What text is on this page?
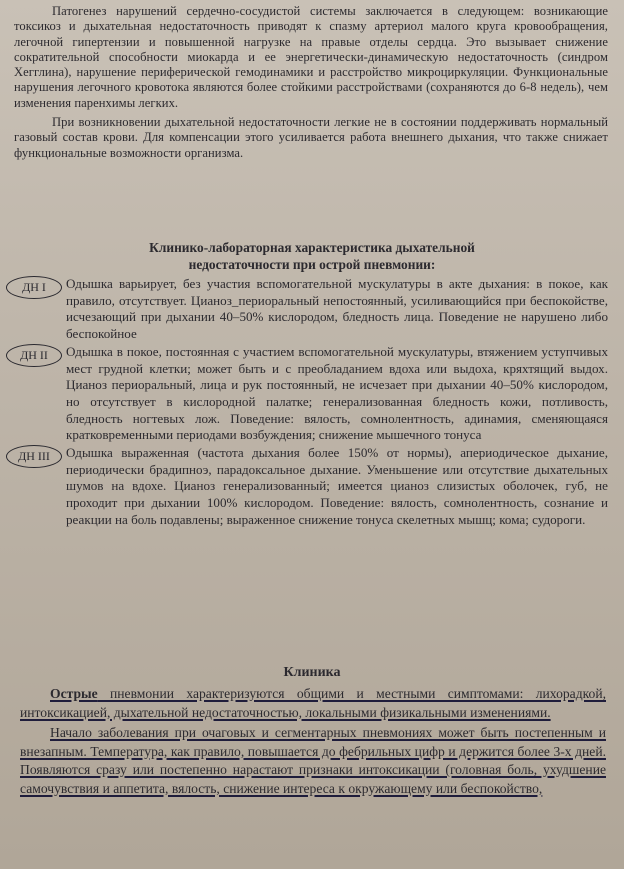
Патогенез нарушений сердечно-сосудистой системы заключается в следующем: возникающие токсикоз и дыхательная недостаточность приводят к спазму артериол малого круга кровообращения, легочной гипертензии и повышенной нагрузке на правые отделы сердца. Это вызывает снижение сократительной способности миокарда и ее энергетически-динамическую недостаточность (синдром Хегглина), нарушение периферической гемодинамики и расстройство микроциркуляции. Функциональные нарушения легочного кровотока являются более стойкими расстройствами (сохраняются до 6-8 недель), чем изменения паренхимы легких.

При возникновении дыхательной недостаточности легкие не в состоянии поддерживать нормальный газовый состав крови. Для компенсации этого усиливается работа внешнего дыхания, что также снижает функциональные возможности организма.

Клинико-лабораторная характеристика дыхательной

недостаточности при острой пневмонии:

ДН I	Одышка варьирует, без участия вспомогательной мускулатуры в акте дыхания: в покое, как правило, отсутствует. Цианоз_периоральный непостоянный, усиливающийся при беспокойстве, исчезающий при дыхании 40–50% кислородом, бледность лица. Поведение не нарушено либо беспокойное

ДН II	Одышка в покое, постоянная с участием вспомогательной мускулатуры, втяжением уступчивых мест грудной клетки; может быть и с преобладанием вдоха или выдоха, кряхтящий выдох. Цианоз периоральный, лица и рук постоянный, не исчезает при дыхании 40–50% кислородом, но отсутствует в кислородной палатке; генерализованная бледность кожи, потливость, бледность ногтевых лож. Поведение: вялость, сомнолентность, адинамия, сменяющаяся кратковременными периодами возбуждения; снижение мышечного тонуса

ДН III	Одышка выраженная (частота дыхания более 150% от нормы), апериодическое дыхание, периодически брадипноэ, парадоксальное дыхание. Уменьшение или отсутствие дыхательных шумов на вдохе. Цианоз генерализованный; имеется цианоз слизистых оболочек, губ, не проходит при дыхании 100% кислородом. Поведение: вялость, сомнолентность, сознание и реакции на боль подавлены; выраженное снижение тонуса скелетных мышц; кома; судороги.

Клиника

Острые пневмонии характеризуются общими и местными симптомами: лихорадкой, интоксикацией, дыхательной недостаточностью, локальными физикальными изменениями.

Начало заболевания при очаговых и сегментарных пневмониях может быть постепенным и внезапным. Температура, как правило, повышается до фебрильных цифр и держится более 3-х дней. Появляются сразу или постепенно нарастают признаки интоксикации (головная боль, ухудшение самочувствия и аппетита, вялость, снижение интереса к окружающему или беспокойство,
